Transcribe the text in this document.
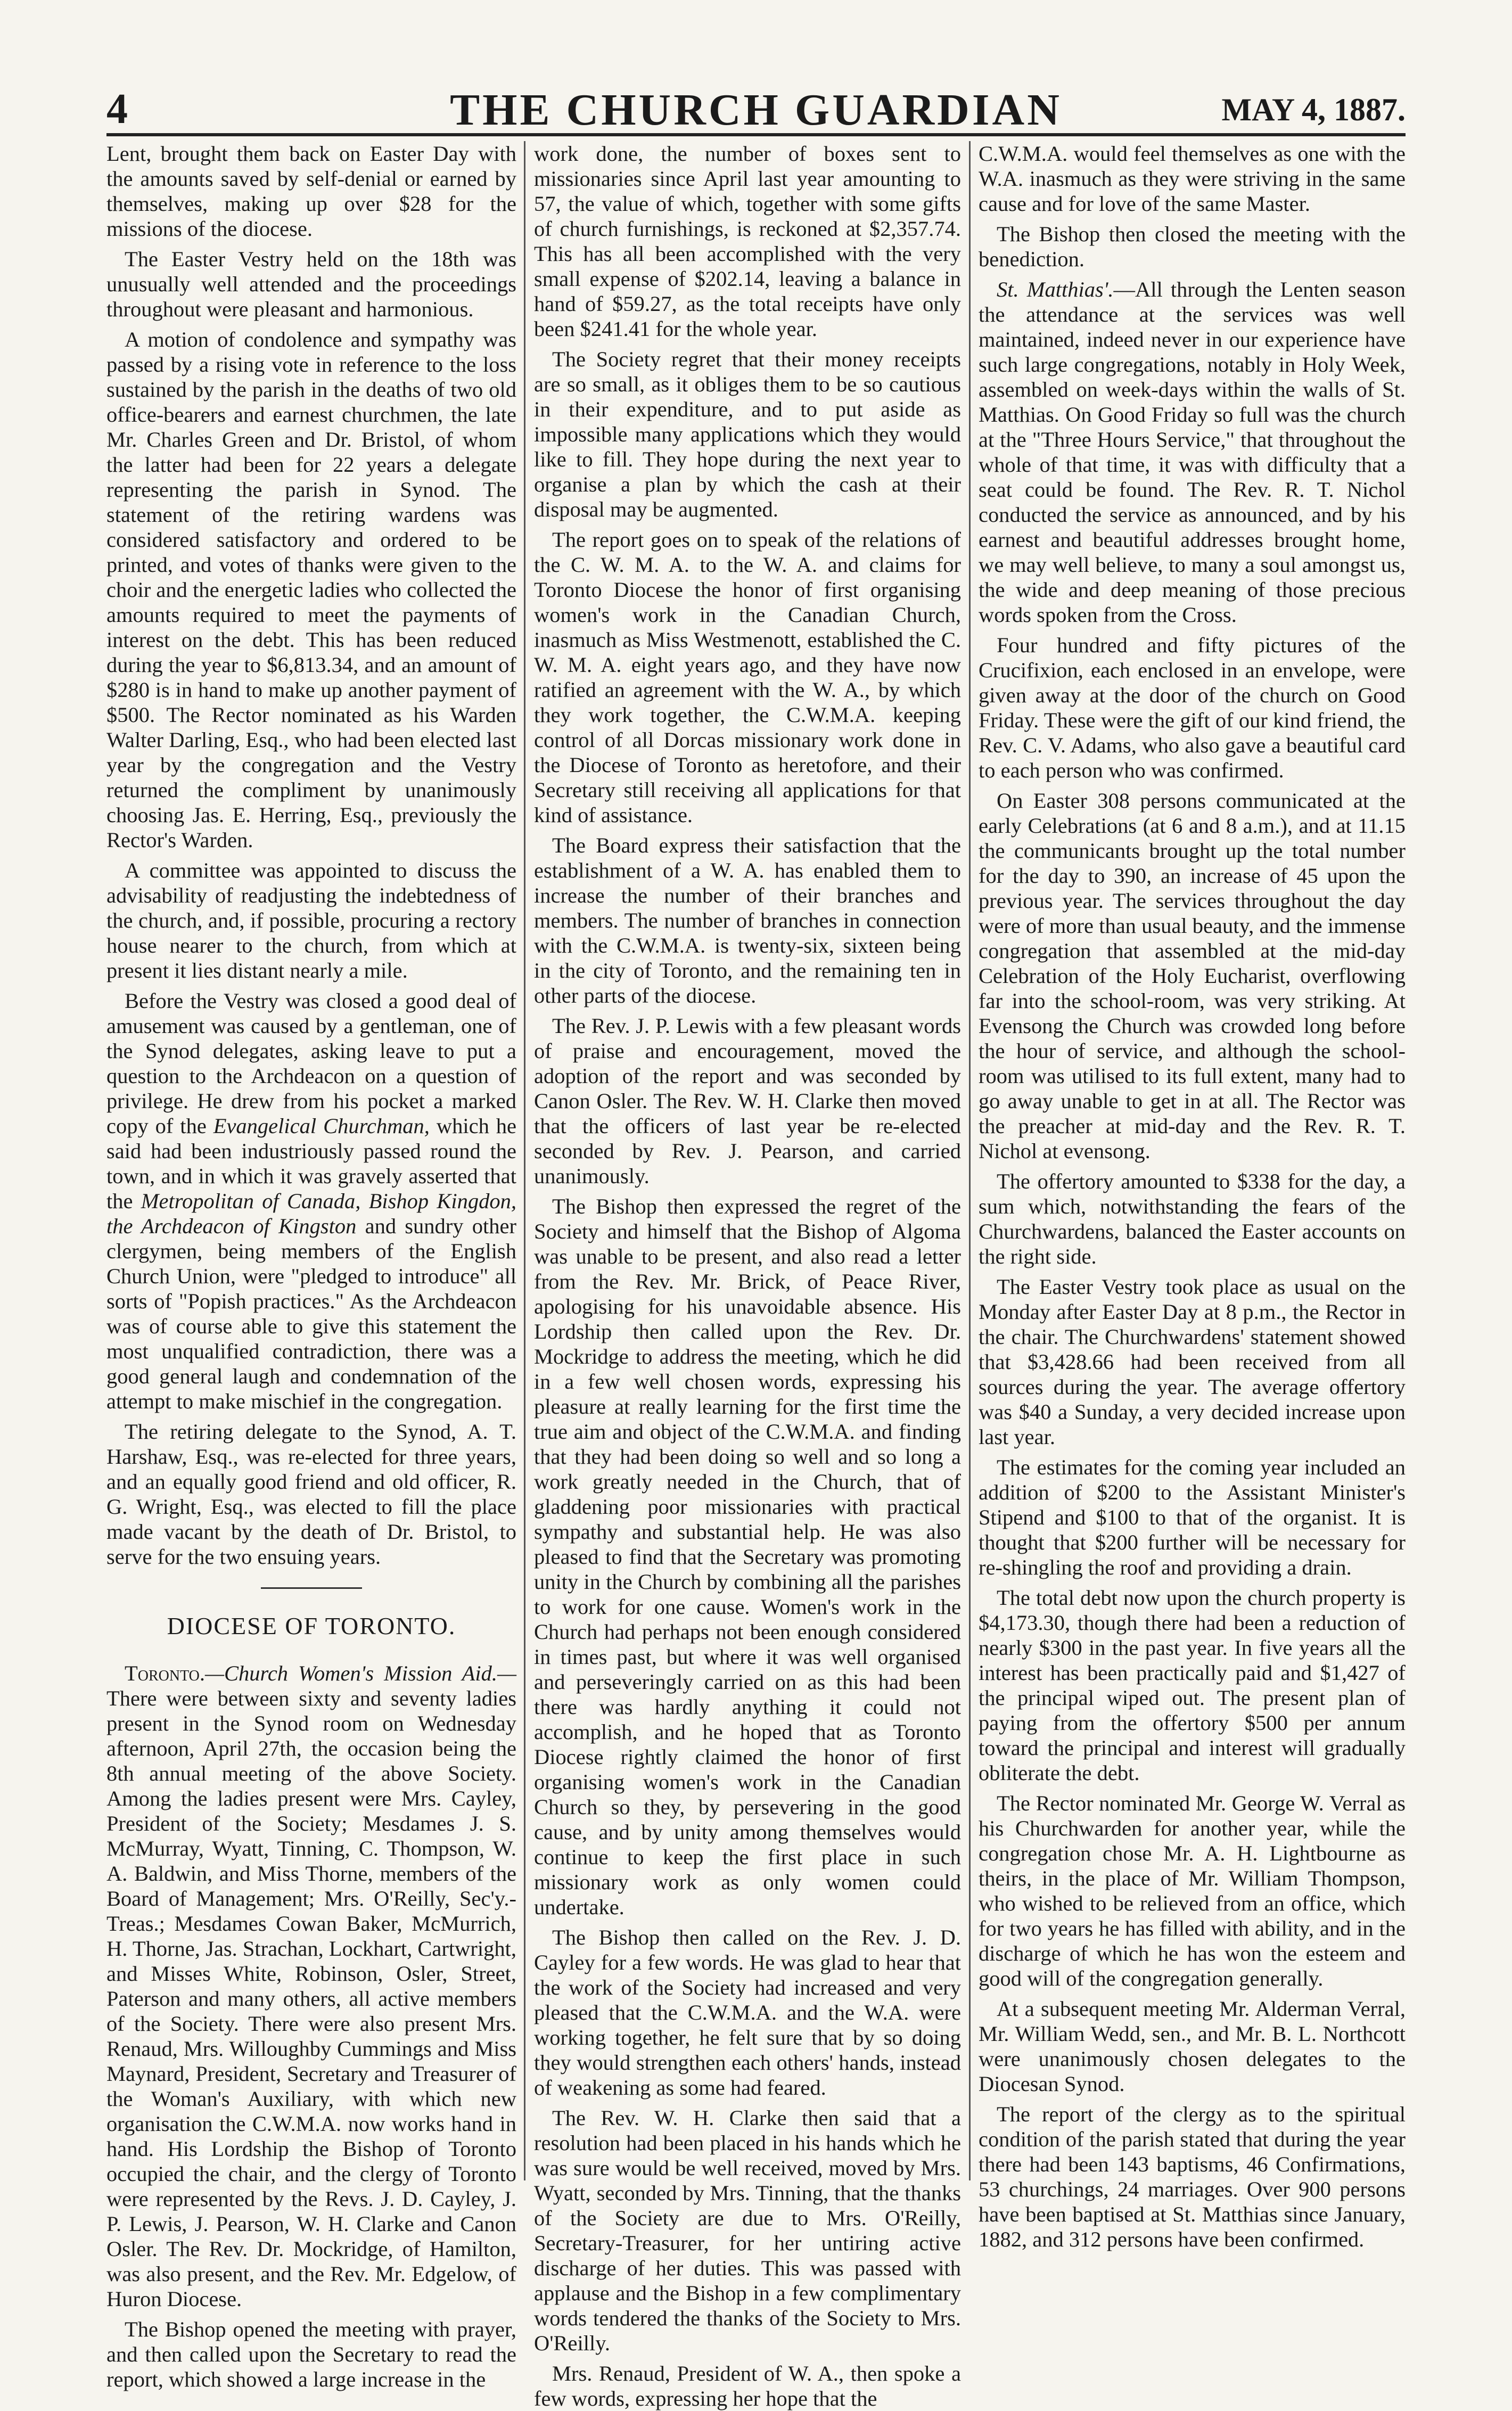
4	THE CHURCH GUARDIAN	MAY 4, 1887.

Lent, brought them back on Easter Day with the amounts saved by self-denial or earned by themselves, making up over $28 for the missions of the diocese.

The Easter Vestry held on the 18th was unusually well attended and the proceedings throughout were pleasant and harmonious.

A motion of condolence and sympathy was passed by a rising vote in reference to the loss sustained by the parish in the deaths of two old office-bearers and earnest churchmen, the late Mr. Charles Green and Dr. Bristol, of whom the latter had been for 22 years a delegate representing the parish in Synod. The statement of the retiring wardens was considered satisfactory and ordered to be printed, and votes of thanks were given to the choir and the energetic ladies who collected the amounts required to meet the payments of interest on the debt. This has been reduced during the year to $6,813.34, and an amount of $280 is in hand to make up another payment of $500. The Rector nominated as his Warden Walter Darling, Esq., who had been elected last year by the congregation and the Vestry returned the compliment by unanimously choosing Jas. E. Herring, Esq., previously the Rector's Warden.

A committee was appointed to discuss the advisability of readjusting the indebtedness of the church, and, if possible, procuring a rectory house nearer to the church, from which at present it lies distant nearly a mile.

Before the Vestry was closed a good deal of amusement was caused by a gentleman, one of the Synod delegates, asking leave to put a question to the Archdeacon on a question of privilege. He drew from his pocket a marked copy of the Evangelical Churchman, which he said had been industriously passed round the town, and in which it was gravely asserted that the Metropolitan of Canada, Bishop Kingdon, the Archdeacon of Kingston and sundry other clergymen, being members of the English Church Union, were "pledged to introduce" all sorts of "Popish practices." As the Archdeacon was of course able to give this statement the most unqualified contradiction, there was a good general laugh and condemnation of the attempt to make mischief in the congregation.

The retiring delegate to the Synod, A. T. Harshaw, Esq., was re-elected for three years, and an equally good friend and old officer, R. G. Wright, Esq., was elected to fill the place made vacant by the death of Dr. Bristol, to serve for the two ensuing years.

DIOCESE OF TORONTO.

Toronto.—Church Women's Mission Aid.— There were between sixty and seventy ladies present in the Synod room on Wednesday afternoon, April 27th, the occasion being the 8th annual meeting of the above Society. Among the ladies present were Mrs. Cayley, President of the Society; Mesdames J. S. McMurray, Wyatt, Tinning, C. Thompson, W. A. Baldwin, and Miss Thorne, members of the Board of Management; Mrs. O'Reilly, Sec'y.-Treas.; Mesdames Cowan Baker, McMurrich, H. Thorne, Jas. Strachan, Lockhart, Cartwright, and Misses White, Robinson, Osler, Street, Paterson and many others, all active members of the Society. There were also present Mrs. Renaud, Mrs. Willoughby Cummings and Miss Maynard, President, Secretary and Treasurer of the Woman's Auxiliary, with which new organisation the C.W.M.A. now works hand in hand. His Lordship the Bishop of Toronto occupied the chair, and the clergy of Toronto were represented by the Revs. J. D. Cayley, J. P. Lewis, J. Pearson, W. H. Clarke and Canon Osler. The Rev. Dr. Mockridge, of Hamilton, was also present, and the Rev. Mr. Edgelow, of Huron Diocese.

The Bishop opened the meeting with prayer, and then called upon the Secretary to read the report, which showed a large increase in the

work done, the number of boxes sent to missionaries since April last year amounting to 57, the value of which, together with some gifts of church furnishings, is reckoned at $2,357.74. This has all been accomplished with the very small expense of $202.14, leaving a balance in hand of $59.27, as the total receipts have only been $241.41 for the whole year.

The Society regret that their money receipts are so small, as it obliges them to be so cautious in their expenditure, and to put aside as impossible many applications which they would like to fill. They hope during the next year to organise a plan by which the cash at their disposal may be augmented.

The report goes on to speak of the relations of the C. W. M. A. to the W. A. and claims for Toronto Diocese the honor of first organising women's work in the Canadian Church, inasmuch as Miss Westmenott, established the C. W. M. A. eight years ago, and they have now ratified an agreement with the W. A., by which they work together, the C.W.M.A. keeping control of all Dorcas missionary work done in the Diocese of Toronto as heretofore, and their Secretary still receiving all applications for that kind of assistance.

The Board express their satisfaction that the establishment of a W. A. has enabled them to increase the number of their branches and members. The number of branches in connection with the C.W.M.A. is twenty-six, sixteen being in the city of Toronto, and the remaining ten in other parts of the diocese.

The Rev. J. P. Lewis with a few pleasant words of praise and encouragement, moved the adoption of the report and was seconded by Canon Osler. The Rev. W. H. Clarke then moved that the officers of last year be re-elected seconded by Rev. J. Pearson, and carried unanimously.

The Bishop then expressed the regret of the Society and himself that the Bishop of Algoma was unable to be present, and also read a letter from the Rev. Mr. Brick, of Peace River, apologising for his unavoidable absence. His Lordship then called upon the Rev. Dr. Mockridge to address the meeting, which he did in a few well chosen words, expressing his pleasure at really learning for the first time the true aim and object of the C.W.M.A. and finding that they had been doing so well and so long a work greatly needed in the Church, that of gladdening poor missionaries with practical sympathy and substantial help. He was also pleased to find that the Secretary was promoting unity in the Church by combining all the parishes to work for one cause. Women's work in the Church had perhaps not been enough considered in times past, but where it was well organised and perseveringly carried on as this had been there was hardly anything it could not accomplish, and he hoped that as Toronto Diocese rightly claimed the honor of first organising women's work in the Canadian Church so they, by persevering in the good cause, and by unity among themselves would continue to keep the first place in such missionary work as only women could undertake.

The Bishop then called on the Rev. J. D. Cayley for a few words. He was glad to hear that the work of the Society had increased and very pleased that the C.W.M.A. and the W.A. were working together, he felt sure that by so doing they would strengthen each others' hands, instead of weakening as some had feared.

The Rev. W. H. Clarke then said that a resolution had been placed in his hands which he was sure would be well received, moved by Mrs. Wyatt, seconded by Mrs. Tinning, that the thanks of the Society are due to Mrs. O'Reilly, Secretary-Treasurer, for her untiring active discharge of her duties. This was passed with applause and the Bishop in a few complimentary words tendered the thanks of the Society to Mrs. O'Reilly.

Mrs. Renaud, President of W. A., then spoke a few words, expressing her hope that the

C.W.M.A. would feel themselves as one with the W.A. inasmuch as they were striving in the same cause and for love of the same Master.

The Bishop then closed the meeting with the benediction.

St. Matthias'.—All through the Lenten season the attendance at the services was well maintained, indeed never in our experience have such large congregations, notably in Holy Week, assembled on week-days within the walls of St. Matthias. On Good Friday so full was the church at the "Three Hours Service," that throughout the whole of that time, it was with difficulty that a seat could be found. The Rev. R. T. Nichol conducted the service as announced, and by his earnest and beautiful addresses brought home, we may well believe, to many a soul amongst us, the wide and deep meaning of those precious words spoken from the Cross.

Four hundred and fifty pictures of the Crucifixion, each enclosed in an envelope, were given away at the door of the church on Good Friday. These were the gift of our kind friend, the Rev. C. V. Adams, who also gave a beautiful card to each person who was confirmed.

On Easter 308 persons communicated at the early Celebrations (at 6 and 8 a.m.), and at 11.15 the communicants brought up the total number for the day to 390, an increase of 45 upon the previous year. The services throughout the day were of more than usual beauty, and the immense congregation that assembled at the mid-day Celebration of the Holy Eucharist, overflowing far into the school-room, was very striking. At Evensong the Church was crowded long before the hour of service, and although the school-room was utilised to its full extent, many had to go away unable to get in at all. The Rector was the preacher at mid-day and the Rev. R. T. Nichol at evensong.

The offertory amounted to $338 for the day, a sum which, notwithstanding the fears of the Churchwardens, balanced the Easter accounts on the right side.

The Easter Vestry took place as usual on the Monday after Easter Day at 8 p.m., the Rector in the chair. The Churchwardens' statement showed that $3,428.66 had been received from all sources during the year. The average offertory was $40 a Sunday, a very decided increase upon last year.

The estimates for the coming year included an addition of $200 to the Assistant Minister's Stipend and $100 to that of the organist. It is thought that $200 further will be necessary for re-shingling the roof and providing a drain.

The total debt now upon the church property is $4,173.30, though there had been a reduction of nearly $300 in the past year. In five years all the interest has been practically paid and $1,427 of the principal wiped out. The present plan of paying from the offertory $500 per annum toward the principal and interest will gradually obliterate the debt.

The Rector nominated Mr. George W. Verral as his Churchwarden for another year, while the congregation chose Mr. A. H. Lightbourne as theirs, in the place of Mr. William Thompson, who wished to be relieved from an office, which for two years he has filled with ability, and in the discharge of which he has won the esteem and good will of the congregation generally.

At a subsequent meeting Mr. Alderman Verral, Mr. William Wedd, sen., and Mr. B. L. Northcott were unanimously chosen delegates to the Diocesan Synod.

The report of the clergy as to the spiritual condition of the parish stated that during the year there had been 143 baptisms, 46 Confirmations, 53 churchings, 24 marriages. Over 900 persons have been baptised at St. Matthias since January, 1882, and 312 persons have been confirmed.
